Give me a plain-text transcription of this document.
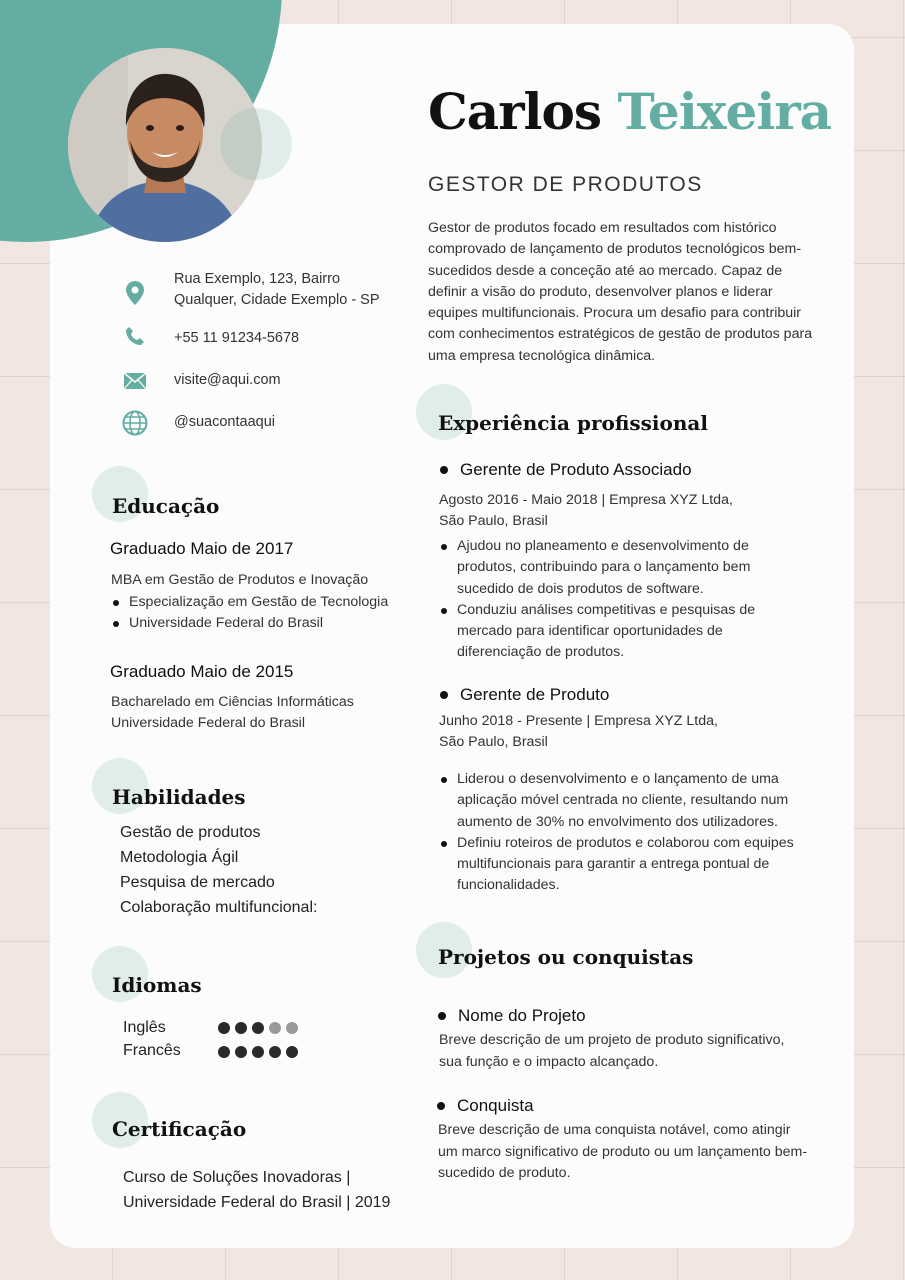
Carlos Teixeira
GESTOR DE PRODUTOS

Gestor de produtos focado em resultados com histórico comprovado de lançamento de produtos tecnológicos bem-sucedidos desde a conceção até ao mercado. Capaz de definir a visão do produto, desenvolver planos e liderar equipes multifuncionais. Procura um desafio para contribuir com conhecimentos estratégicos de gestão de produtos para uma empresa tecnológica dinâmica.

Rua Exemplo, 123, Bairro
Qualquer, Cidade Exemplo - SP
+55 11 91234-5678
visite@aqui.com
@suacontaaqui
Educação
Graduado Maio de 2017
MBA em Gestão de Produtos e Inovação
Especialização em Gestão de Tecnologia
Universidade Federal do Brasil
Graduado Maio de 2015
Bacharelado em Ciências Informáticas
Universidade Federal do Brasil
Habilidades
Gestão de produtos
Metodologia Ágil
Pesquisa de mercado
Colaboração multifuncional:
Idiomas
Inglês
Francês
Certificação
Curso de Soluções Inovadoras |
Universidade Federal do Brasil | 2019
Experiência profissional
Gerente de Produto Associado
Agosto 2016 - Maio 2018 | Empresa XYZ Ltda,
São Paulo, Brasil
Ajudou no planeamento e desenvolvimento de produtos, contribuindo para o lançamento bem sucedido de dois produtos de software.
Conduziu análises competitivas e pesquisas de mercado para identificar oportunidades de diferenciação de produtos.
Gerente de Produto
Junho 2018 - Presente | Empresa XYZ Ltda,
São Paulo, Brasil
Liderou o desenvolvimento e o lançamento de uma aplicação móvel centrada no cliente, resultando num aumento de 30% no envolvimento dos utilizadores.
Definiu roteiros de produtos e colaborou com equipes multifuncionais para garantir a entrega pontual de funcionalidades.
Projetos ou conquistas
Nome do Projeto

Breve descrição de um projeto de produto significativo, sua função e o impacto alcançado.

Conquista

Breve descrição de uma conquista notável, como atingir um marco significativo de produto ou um lançamento bem-sucedido de produto.
